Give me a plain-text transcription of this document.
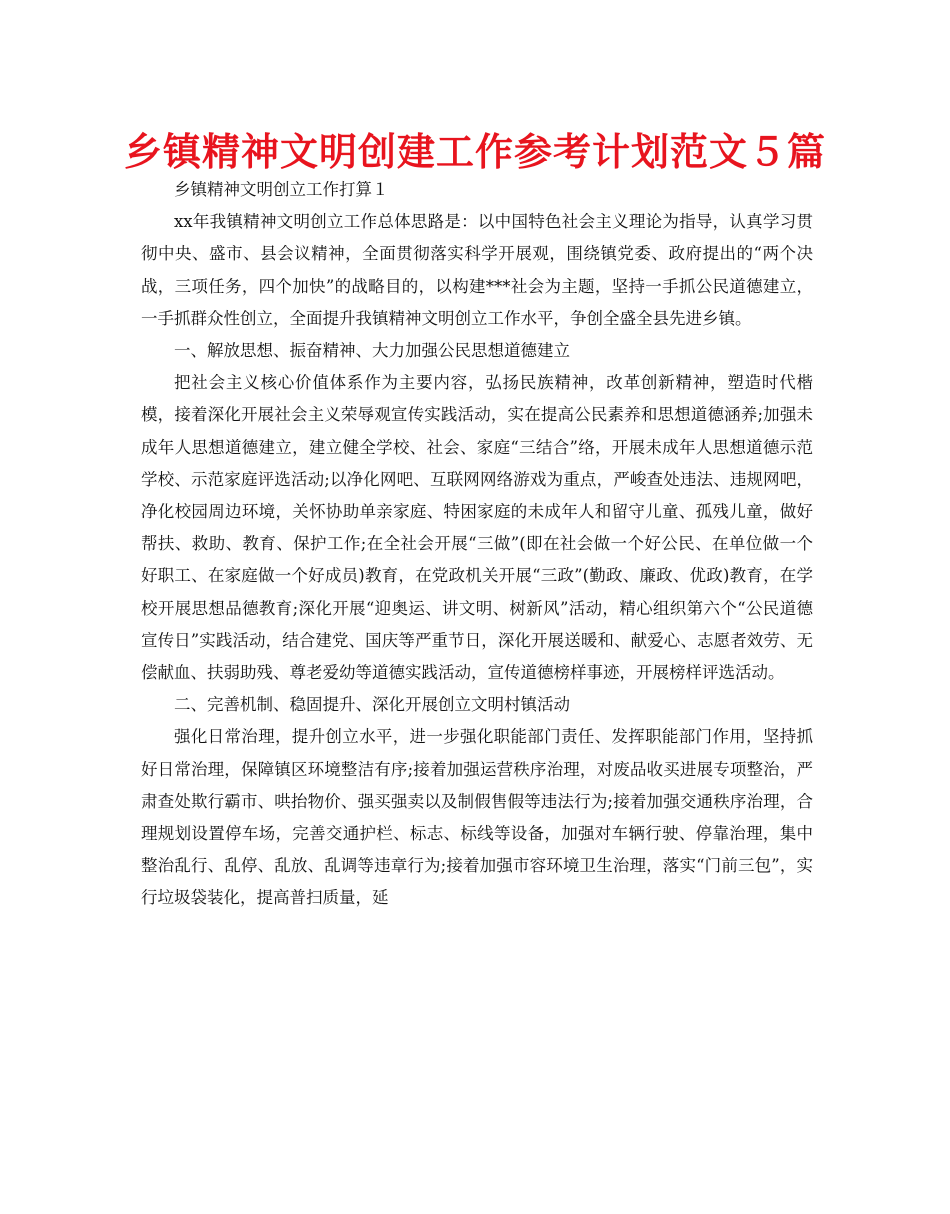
乡镇精神文明创建工作参考计划范文５篇

乡镇精神文明创立工作打算１

xx年我镇精神文明创立工作总体思路是：以中国特色社会主义理论为指导，认真学习贯彻中央、盛市、县会议精神，全面贯彻落实科学开展观，围绕镇党委、政府提出的“两个决战，三项任务，四个加快”的战略目的，以构建***社会为主题，坚持一手抓公民道德建立，一手抓群众性创立，全面提升我镇精神文明创立工作水平，争创全盛全县先进乡镇。

一、解放思想、振奋精神、大力加强公民思想道德建立

把社会主义核心价值体系作为主要内容，弘扬民族精神，改革创新精神，塑造时代楷模，接着深化开展社会主义荣辱观宣传实践活动，实在提高公民素养和思想道德涵养;加强未成年人思想道德建立，建立健全学校、社会、家庭“三结合”络，开展未成年人思想道德示范学校、示范家庭评选活动;以净化网吧、互联网网络游戏为重点，严峻查处违法、违规网吧，净化校园周边环境，关怀协助单亲家庭、特困家庭的未成年人和留守儿童、孤残儿童，做好帮扶、救助、教育、保护工作;在全社会开展“三做”(即在社会做一个好公民、在单位做一个好职工、在家庭做一个好成员)教育，在党政机关开展“三政”(勤政、廉政、优政)教育，在学校开展思想品德教育;深化开展“迎奥运、讲文明、树新风”活动，精心组织第六个“公民道德宣传日”实践活动，结合建党、国庆等严重节日，深化开展送暖和、献爱心、志愿者效劳、无偿献血、扶弱助残、尊老爱幼等道德实践活动，宣传道德榜样事迹，开展榜样评选活动。

二、完善机制、稳固提升、深化开展创立文明村镇活动

强化日常治理，提升创立水平，进一步强化职能部门责任、发挥职能部门作用，坚持抓好日常治理，保障镇区环境整洁有序;接着加强运营秩序治理，对废品收买进展专项整治，严肃查处欺行霸市、哄抬物价、强买强卖以及制假售假等违法行为;接着加强交通秩序治理，合理规划设置停车场，完善交通护栏、标志、标线等设备，加强对车辆行驶、停靠治理，集中整治乱行、乱停、乱放、乱调等违章行为;接着加强市容环境卫生治理，落实“门前三包”，实行垃圾袋装化，提高普扫质量，延
